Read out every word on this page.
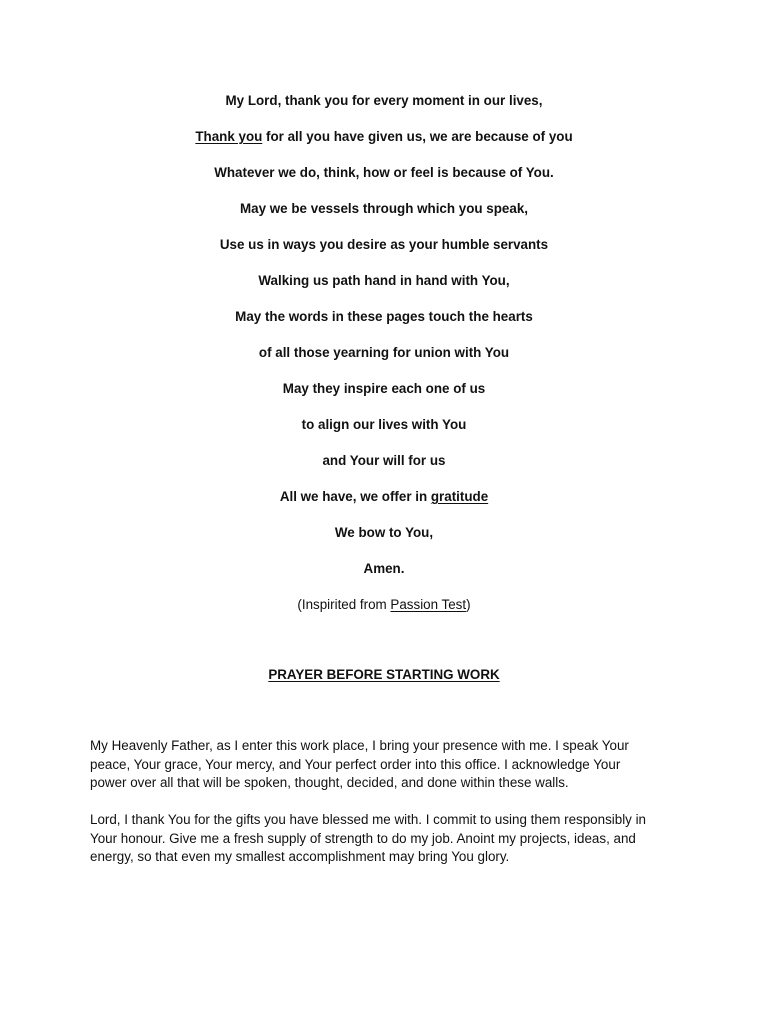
My Lord, thank you for every moment in our lives,
Thank you for all you have given us, we are because of you
Whatever we do, think, how or feel is because of You.
May we be vessels through which you speak,
Use us in ways you desire as your humble servants
Walking us path hand in hand with You,
May the words in these pages touch the hearts
of all those yearning for union with You
May they inspire each one of us
to align our lives with You
and Your will for us
All we have, we offer in gratitude
We bow to You,
Amen.
(Inspirited from Passion Test)
PRAYER BEFORE STARTING WORK
My Heavenly Father, as I enter this work place, I bring your presence with me. I speak Your
peace, Your grace, Your mercy, and Your perfect order into this office. I acknowledge Your
power over all that will be spoken, thought, decided, and done within these walls.
Lord, I thank You for the gifts you have blessed me with. I commit to using them responsibly in
Your honour. Give me a fresh supply of strength to do my job. Anoint my projects, ideas, and
energy, so that even my smallest accomplishment may bring You glory.
